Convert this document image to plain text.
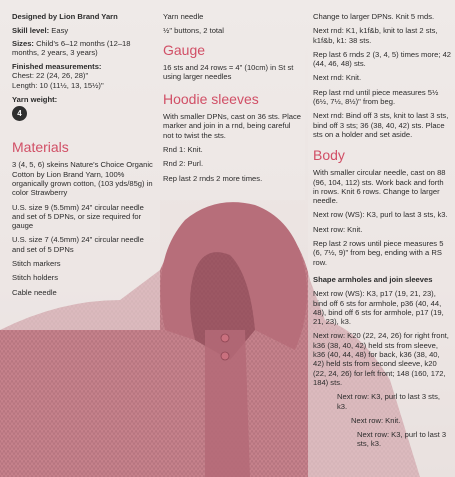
Designed by Lion Brand Yarn

Skill level: Easy

Sizes: Child’s 6–12 months (12–18 months, 2 years, 3 years)

Finished measurements:

Chest: 22 (24, 26, 28)"
Length: 10 (11½, 13, 15½)"

Yarn weight:

4
Materials

3 (4, 5, 6) skeins Nature’s Choice Organic Cotton by Lion Brand Yarn, 100% organically grown cotton, (103 yds/85g) in color Strawberry

U.S. size 9 (5.5mm) 24" circular needle and set of 5 DPNs, or size required for gauge

U.S. size 7 (4.5mm) 24" circular needle and set of 5 DPNs

Stitch markers

Stitch holders

Cable needle

Yarn needle

½" buttons, 2 total

Gauge

16 sts and 24 rows = 4" (10cm) in St st using larger needles

Hoodie sleeves

With smaller DPNs, cast on 36 sts. Place marker and join in a rnd, being careful not to twist the sts.

Rnd 1: Knit.

Rnd 2: Purl.

Rep last 2 rnds 2 more times.

Change to larger DPNs. Knit 5 rnds.

Next rnd: K1, k1f&b, knit to last 2 sts, k1f&b, k1: 38 sts.

Rep last 6 rnds 2 (3, 4, 5) times more; 42 (44, 46, 48) sts.

Next rnd: Knit.

Rep last rnd until piece measures 5½ (6½, 7½, 8½)" from beg.

Next rnd: Bind off 3 sts, knit to last 3 sts, bind off 3 sts; 36 (38, 40, 42) sts. Place sts on a holder and set aside.

Body

With smaller circular needle, cast on 88 (96, 104, 112) sts. Work back and forth in rows. Knit 6 rows. Change to larger needle.

Next row (WS): K3, purl to last 3 sts, k3.

Next row: Knit.

Rep last 2 rows until piece measures 5 (6, 7½, 9)" from beg, ending with a RS row.

Shape armholes and join sleeves

Next row (WS): K3, p17 (19, 21, 23), bind off 6 sts for armhole, p36 (40, 44, 48), bind off 6 sts for armhole, p17 (19, 21, 23), k3.

Next row: K20 (22, 24, 26) for right front, k36 (38, 40, 42) held sts from sleeve, k36 (40, 44, 48) for back, k36 (38, 40, 42) held sts from second sleeve, k20 (22, 24, 26) for left front; 148 (160, 172, 184) sts.

Next row: K3, purl to last 3 sts, k3.

Next row: Knit.

Next row: K3, purl to last 3 sts, k3.
